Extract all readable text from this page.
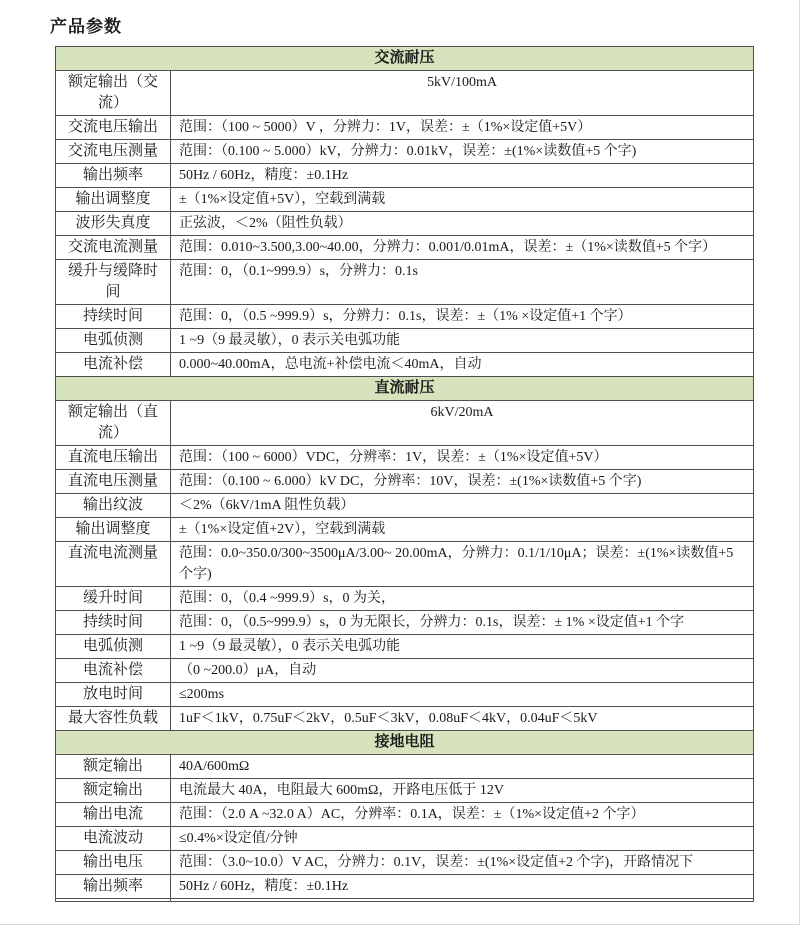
产品参数
交流耐压	
额定输出（交流）	5kV/100mA
交流电压输出	范围：（100 ~ 5000）V ，分辨力：1V，误差：±（1%×设定值+5V）
交流电压测量	范围：（0.100 ~ 5.000）kV，分辨力：0.01kV，误差：±(1%×读数值+5 个字)
输出频率	50Hz / 60Hz，精度：±0.1Hz
输出调整度	±（1%×设定值+5V），空载到满载
波形失真度	正弦波，＜2%（阻性负载）
交流电流测量	范围：0.010~3.500,3.00~40.00，分辨力：0.001/0.01mA，误差：±（1%×读数值+5 个字）
缓升与缓降时间	范围：0，（0.1~999.9）s，分辨力：0.1s
持续时间	范围：0，（0.5 ~999.9）s，分辨力：0.1s，误差：±（1% ×设定值+1 个字）
电弧侦测	1 ~9（9 最灵敏），0 表示关电弧功能
电流补偿	0.000~40.00mA，总电流+补偿电流＜40mA，自动
直流耐压	
额定输出（直流）	6kV/20mA
直流电压输出	范围：（100 ~ 6000）VDC，分辨率：1V，误差：±（1%×设定值+5V）
直流电压测量	范围：（0.100 ~ 6.000）kV DC，分辨率：10V，误差：±(1%×读数值+5 个字)
输出纹波	＜2%（6kV/1mA 阻性负载）
输出调整度	±（1%×设定值+2V），空载到满载
直流电流测量	范围：0.0~350.0/300~3500μA/3.00~ 20.00mA，分辨力：0.1/1/10μA；误差：±(1%×读数值+5 个字)
缓升时间	范围：0，（0.4 ~999.9）s，0 为关，
持续时间	范围：0，（0.5~999.9）s，0 为无限长，分辨力：0.1s，误差：± 1% ×设定值+1 个字
电弧侦测	1 ~9（9 最灵敏），0 表示关电弧功能
电流补偿	（0 ~200.0）μA，自动
放电时间	≤200ms
最大容性负载	1uF＜1kV，0.75uF＜2kV，0.5uF＜3kV，0.08uF＜4kV，0.04uF＜5kV
接地电阻	
额定输出	40A/600mΩ
额定输出	电流最大 40A，电阻最大 600mΩ，开路电压低于 12V
输出电流	范围：（2.0 A ~32.0 A）AC，分辨率：0.1A，误差：±（1%×设定值+2 个字）
电流波动	≤0.4%×设定值/分钟
输出电压	范围：（3.0~10.0）V AC，分辨力：0.1V，误差：±(1%×设定值+2 个字)，开路情况下
输出频率	50Hz / 60Hz，精度：±0.1Hz
